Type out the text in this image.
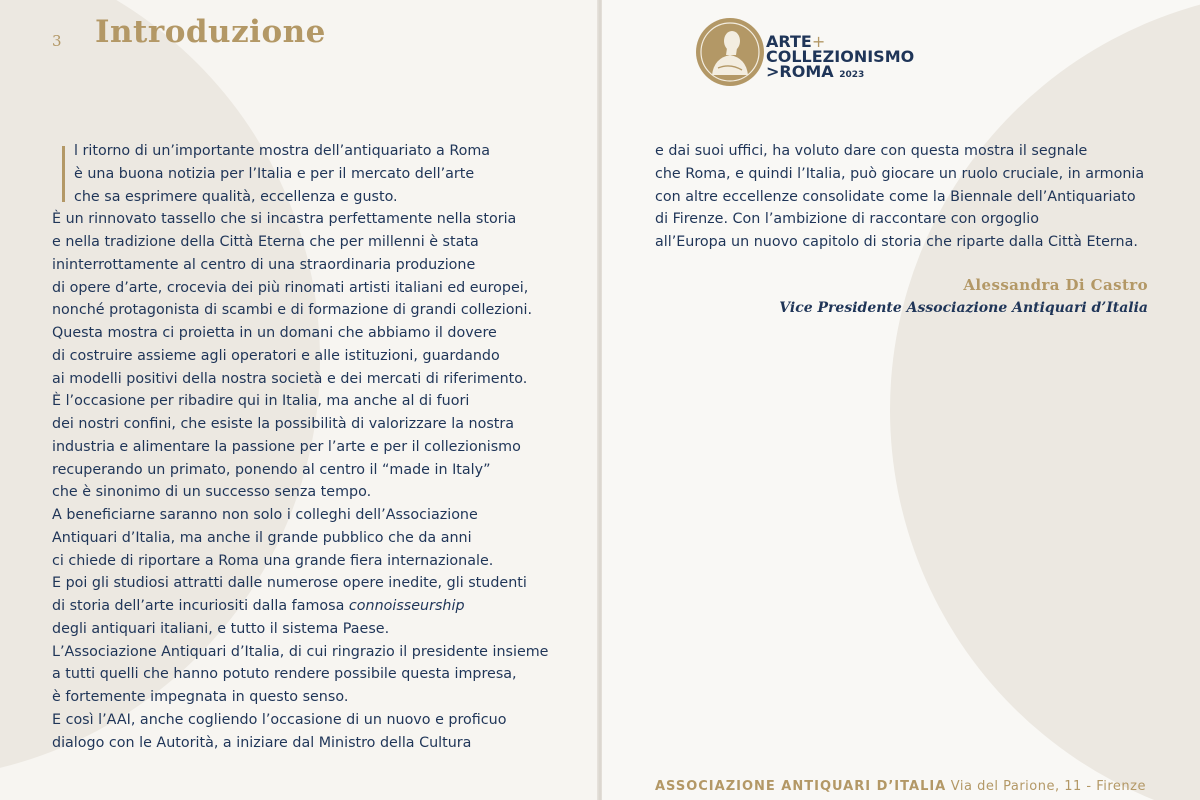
3 Introduzione
l ritorno di un’importante mostra dell’antiquariato a Roma
è una buona notizia per l’Italia e per il mercato dell’arte
che sa esprimere qualità, eccellenza e gusto.
È un rinnovato tassello che si incastra perfettamente nella storia
e nella tradizione della Città Eterna che per millenni è stata
ininterrottamente al centro di una straordinaria produzione
di opere d’arte, crocevia dei più rinomati artisti italiani ed europei,
nonché protagonista di scambi e di formazione di grandi collezioni.
Questa mostra ci proietta in un domani che abbiamo il dovere
di costruire assieme agli operatori e alle istituzioni, guardando
ai modelli positivi della nostra società e dei mercati di riferimento.
È l’occasione per ribadire qui in Italia, ma anche al di fuori
dei nostri confini, che esiste la possibilità di valorizzare la nostra
industria e alimentare la passione per l’arte e per il collezionismo
recuperando un primato, ponendo al centro il “made in Italy”
che è sinonimo di un successo senza tempo.
A beneficiarne saranno non solo i colleghi dell’Associazione
Antiquari d’Italia, ma anche il grande pubblico che da anni
ci chiede di riportare a Roma una grande fiera internazionale.
E poi gli studiosi attratti dalle numerose opere inedite, gli studenti
di storia dell’arte incuriositi dalla famosa connoisseurship
degli antiquari italiani, e tutto il sistema Paese.
L’Associazione Antiquari d’Italia, di cui ringrazio il presidente insieme
a tutti quelli che hanno potuto rendere possibile questa impresa,
è fortemente impegnata in questo senso.
E così l’AAI, anche cogliendo l’occasione di un nuovo e proficuo
dialogo con le Autorità, a iniziare dal Ministro della Cultura
ARTE+
COLLEZIONISMO
>ROMA 2023
e dai suoi uffici, ha voluto dare con questa mostra il segnale
che Roma, e quindi l’Italia, può giocare un ruolo cruciale, in armonia
con altre eccellenze consolidate come la Biennale dell’Antiquariato
di Firenze. Con l’ambizione di raccontare con orgoglio
all’Europa un nuovo capitolo di storia che riparte dalla Città Eterna.
Alessandra Di Castro
Vice Presidente Associazione Antiquari d’Italia
ASSOCIAZIONE ANTIQUARI D’ITALIA Via del Parione, 11 - Firenze
